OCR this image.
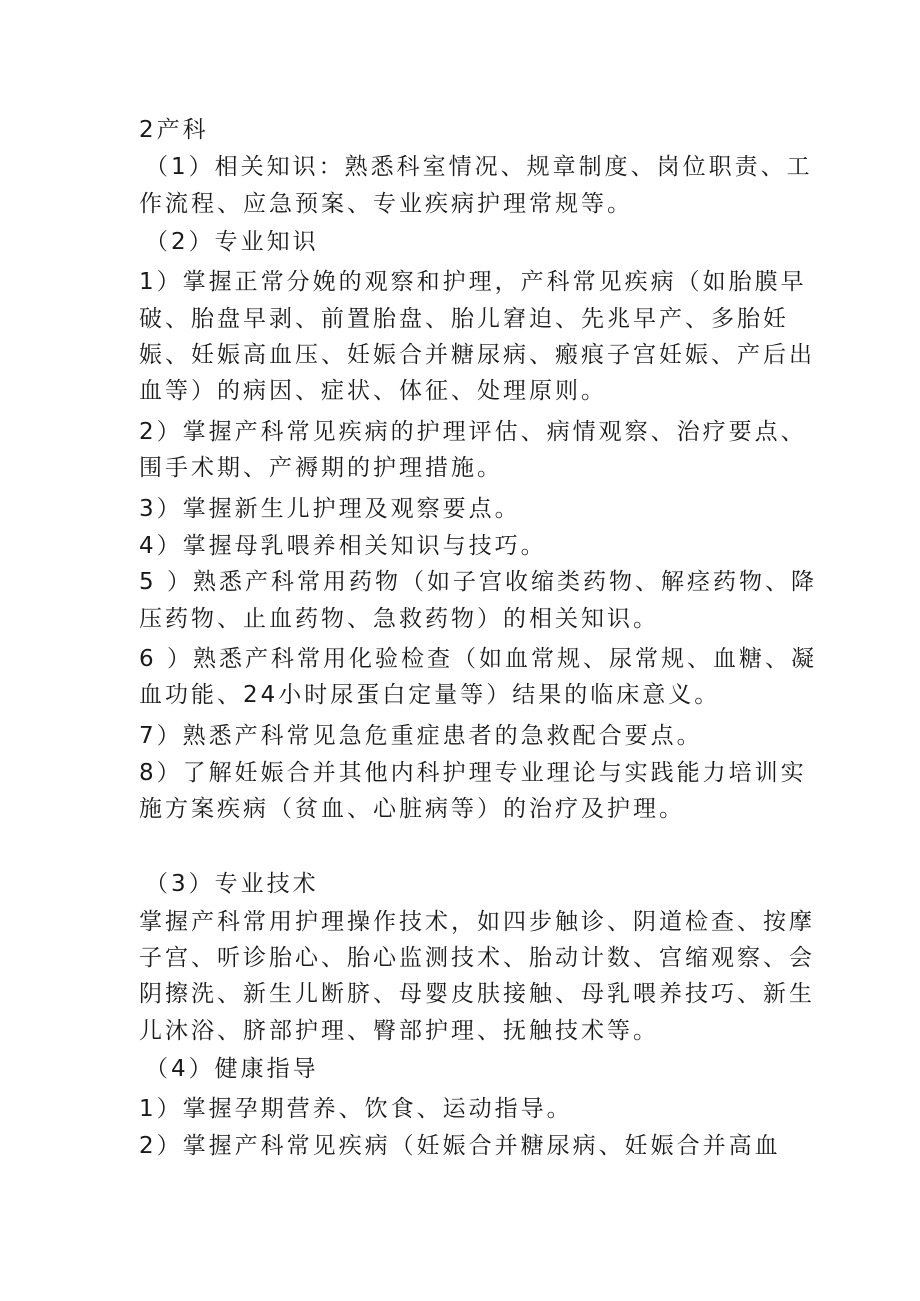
2产科
（1）相关知识：熟悉科室情况、规章制度、岗位职责、工
作流程、应急预案、专业疾病护理常规等。
（2）专业知识
1）掌握正常分娩的观察和护理，产科常见疾病（如胎膜早
破、胎盘早剥、前置胎盘、胎儿窘迫、先兆早产、多胎妊
娠、妊娠高血压、妊娠合并糖尿病、瘢痕子宫妊娠、产后出
血等）的病因、症状、体征、处理原则。
2）掌握产科常见疾病的护理评估、病情观察、治疗要点、
围手术期、产褥期的护理措施。
3）掌握新生儿护理及观察要点。
4）掌握母乳喂养相关知识与技巧。
5 ）熟悉产科常用药物（如子宫收缩类药物、解痉药物、降
压药物、止血药物、急救药物）的相关知识。
6 ）熟悉产科常用化验检查（如血常规、尿常规、血糖、凝
血功能、24小时尿蛋白定量等）结果的临床意义。
7）熟悉产科常见急危重症患者的急救配合要点。
8）了解妊娠合并其他内科护理专业理论与实践能力培训实
施方案疾病（贫血、心脏病等）的治疗及护理。
（3）专业技术
掌握产科常用护理操作技术，如四步触诊、阴道检查、按摩
子宫、听诊胎心、胎心监测技术、胎动计数、宫缩观察、会
阴擦洗、新生儿断脐、母婴皮肤接触、母乳喂养技巧、新生
儿沐浴、脐部护理、臀部护理、抚触技术等。
（4）健康指导
1）掌握孕期营养、饮食、运动指导。
2）掌握产科常见疾病（妊娠合并糖尿病、妊娠合并高血
